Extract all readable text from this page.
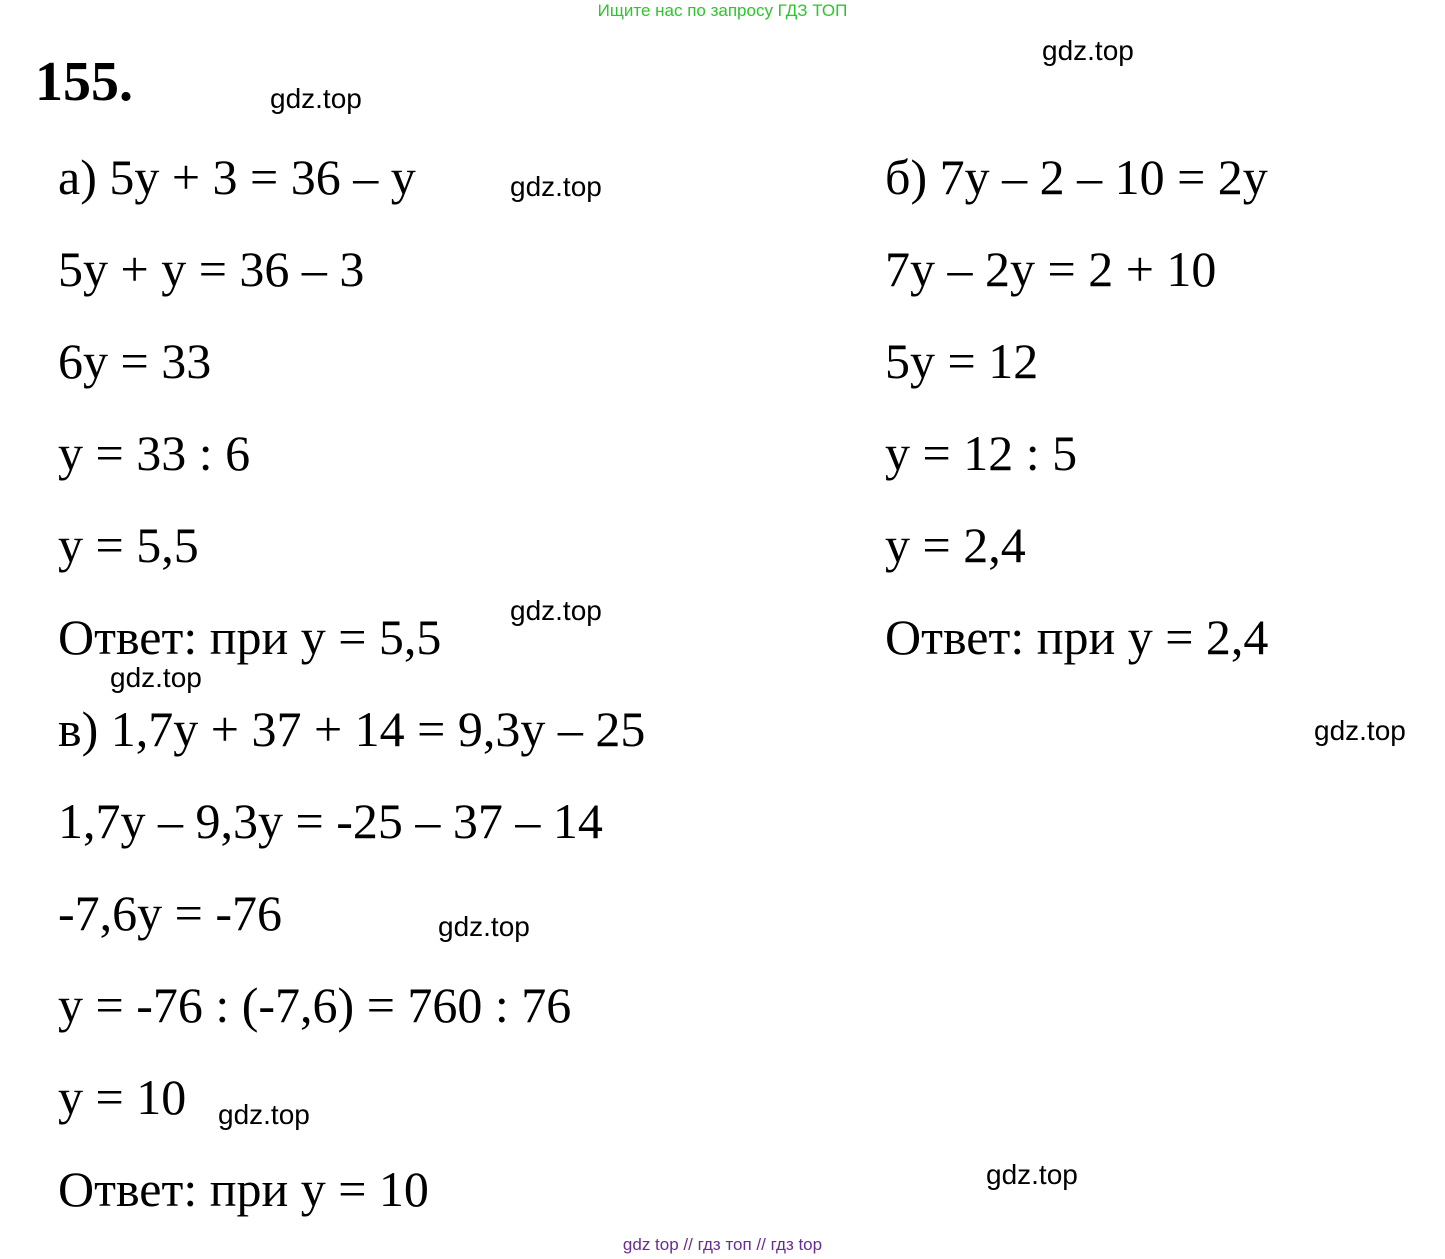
Ищите нас по запросу ГДЗ ТОП
155.
а) 5y + 3 = 36 – y
5y + y = 36 – 3
6y = 33
y = 33 : 6
y = 5,5
Ответ: при y = 5,5
б) 7y – 2 – 10 = 2y
7y – 2y = 2 + 10
5y = 12
y = 12 : 5
y = 2,4
Ответ: при y = 2,4
в) 1,7y + 37 + 14 = 9,3y – 25
1,7y – 9,3y = -25 – 37 – 14
-7,6y = -76
y = -76 : (-7,6) = 760 : 76
y = 10
Ответ: при y = 10
gdz.top
gdz.top
gdz.top
gdz.top
gdz.top
gdz.top
gdz.top
gdz.top
gdz.top
gdz top // гдз топ // гдз top
